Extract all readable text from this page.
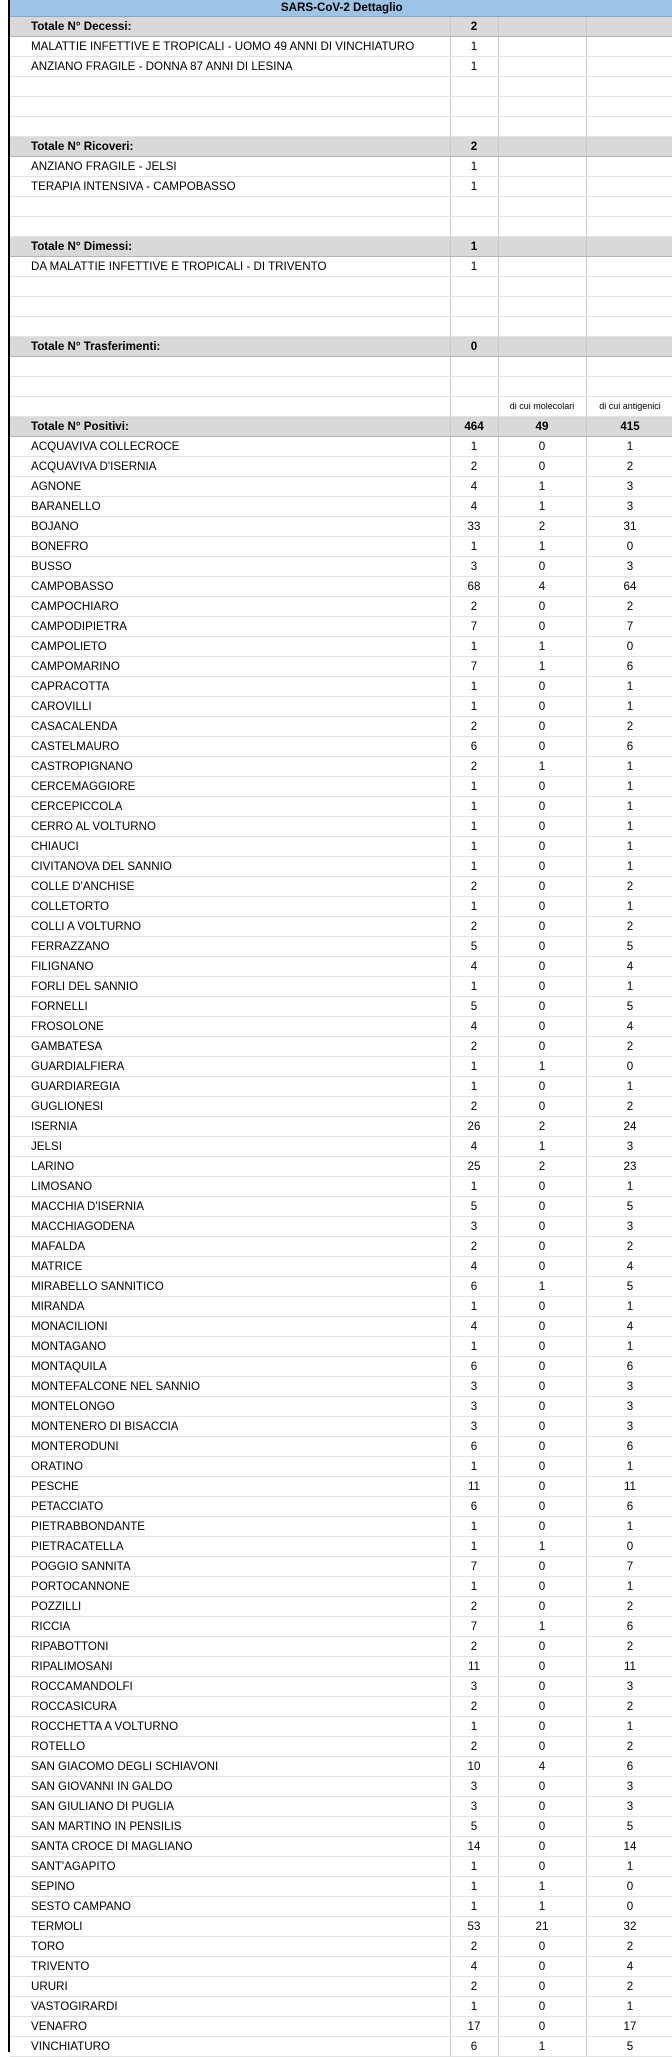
SARS-CoV-2 Dettaglio			
Totale N° Decessi:	2		
MALATTIE INFETTIVE E TROPICALI - UOMO 49 ANNI DI VINCHIATURO	1		
ANZIANO FRAGILE - DONNA 87 ANNI DI LESINA	1		

Totale N° Ricoveri:	2		
ANZIANO FRAGILE - JELSI	1		
TERAPIA INTENSIVA - CAMPOBASSO	1		

Totale N° Dimessi:	1		
DA MALATTIE INFETTIVE E TROPICALI - DI TRIVENTO	1		

Totale N° Trasferimenti:	0		

		di cui molecolari	di cui antigenici
Totale N° Positivi:	464	49	415
ACQUAVIVA COLLECROCE	1	0	1
ACQUAVIVA D'ISERNIA	2	0	2
AGNONE	4	1	3
BARANELLO	4	1	3
BOJANO	33	2	31
BONEFRO	1	1	0
BUSSO	3	0	3
CAMPOBASSO	68	4	64
CAMPOCHIARO	2	0	2
CAMPODIPIETRA	7	0	7
CAMPOLIETO	1	1	0
CAMPOMARINO	7	1	6
CAPRACOTTA	1	0	1
CAROVILLI	1	0	1
CASACALENDA	2	0	2
CASTELMAURO	6	0	6
CASTROPIGNANO	2	1	1
CERCEMAGGIORE	1	0	1
CERCEPICCOLA	1	0	1
CERRO AL VOLTURNO	1	0	1
CHIAUCI	1	0	1
CIVITANOVA DEL SANNIO	1	0	1
COLLE D'ANCHISE	2	0	2
COLLETORTO	1	0	1
COLLI A VOLTURNO	2	0	2
FERRAZZANO	5	0	5
FILIGNANO	4	0	4
FORLI DEL SANNIO	1	0	1
FORNELLI	5	0	5
FROSOLONE	4	0	4
GAMBATESA	2	0	2
GUARDIALFIERA	1	1	0
GUARDIAREGIA	1	0	1
GUGLIONESI	2	0	2
ISERNIA	26	2	24
JELSI	4	1	3
LARINO	25	2	23
LIMOSANO	1	0	1
MACCHIA D'ISERNIA	5	0	5
MACCHIAGODENA	3	0	3
MAFALDA	2	0	2
MATRICE	4	0	4
MIRABELLO SANNITICO	6	1	5
MIRANDA	1	0	1
MONACILIONI	4	0	4
MONTAGANO	1	0	1
MONTAQUILA	6	0	6
MONTEFALCONE NEL SANNIO	3	0	3
MONTELONGO	3	0	3
MONTENERO DI BISACCIA	3	0	3
MONTERODUNI	6	0	6
ORATINO	1	0	1
PESCHE	11	0	11
PETACCIATO	6	0	6
PIETRABBONDANTE	1	0	1
PIETRACATELLA	1	1	0
POGGIO SANNITA	7	0	7
PORTOCANNONE	1	0	1
POZZILLI	2	0	2
RICCIA	7	1	6
RIPABOTTONI	2	0	2
RIPALIMOSANI	11	0	11
ROCCAMANDOLFI	3	0	3
ROCCASICURA	2	0	2
ROCCHETTA A VOLTURNO	1	0	1
ROTELLO	2	0	2
SAN GIACOMO DEGLI SCHIAVONI	10	4	6
SAN GIOVANNI IN GALDO	3	0	3
SAN GIULIANO DI PUGLIA	3	0	3
SAN MARTINO IN PENSILIS	5	0	5
SANTA CROCE DI MAGLIANO	14	0	14
SANT'AGAPITO	1	0	1
SEPINO	1	1	0
SESTO CAMPANO	1	1	0
TERMOLI	53	21	32
TORO	2	0	2
TRIVENTO	4	0	4
URURI	2	0	2
VASTOGIRARDI	1	0	1
VENAFRO	17	0	17
VINCHIATURO	6	1	5
